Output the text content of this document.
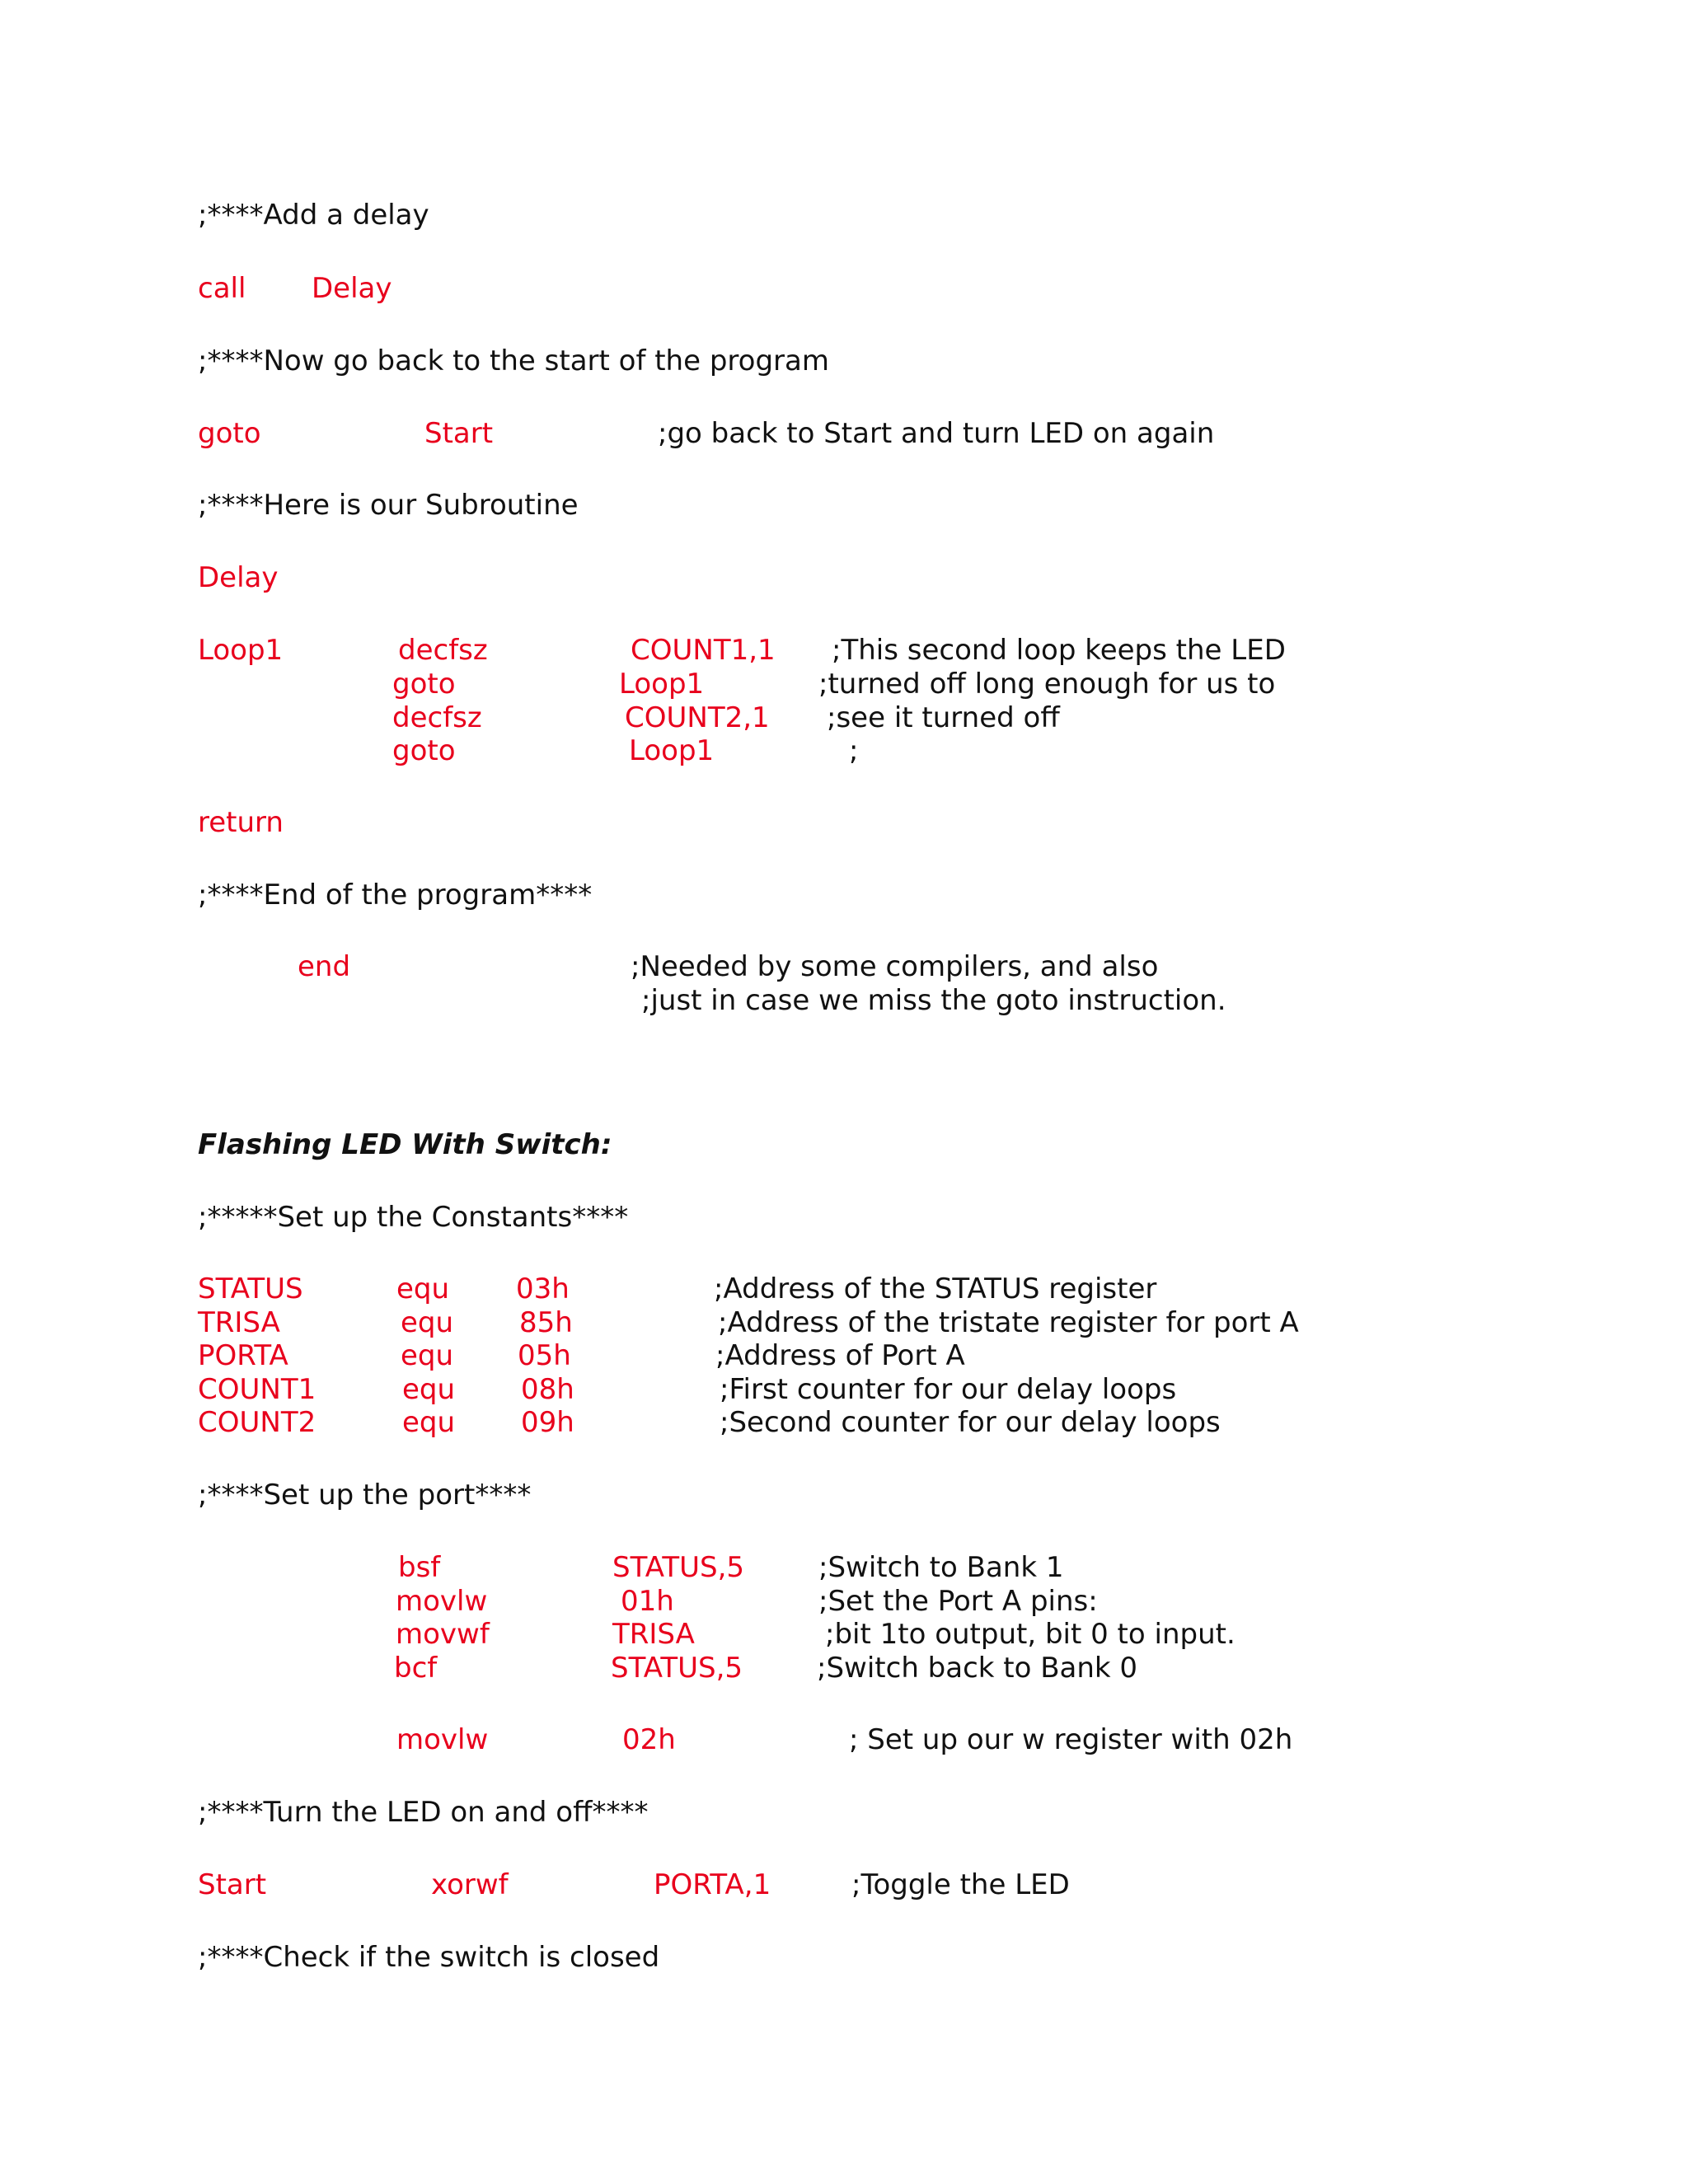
;****Add a delay
call Delay
;****Now go back to the start of the program
goto	Start	;go back to Start and turn LED on again
;****Here is our Subroutine
Delay
Loop1	decfsz	COUNT1,1 ;This second loop keeps the LED
goto	Loop1	;turned off long enough for us to
decfsz	COUNT2,1 ;see it turned off
goto	Loop1	;
return
;****End of the program****
end	;Needed by some compilers, and also
;just in case we miss the goto instruction.
Flashing LED With Switch:
;*****Set up the Constants****
STATUS	equ 03h	;Address of the STATUS register
TRISA	equ 85h	;Address of the tristate register for port A
PORTA	equ 05h	;Address of Port A
COUNT1	equ 08h	;First counter for our delay loops
COUNT2	equ 09h	;Second counter for our delay loops
;****Set up the port****
bsf	STATUS,5	;Switch to Bank 1
movlw	01h	;Set the Port A pins:
movwf	TRISA	;bit 1to output, bit 0 to input.
bcf	STATUS,5	;Switch back to Bank 0
movlw	02h	; Set up our w register with 02h
;****Turn the LED on and off****
Start	xorwf	PORTA,1	;Toggle the LED
;****Check if the switch is closed
